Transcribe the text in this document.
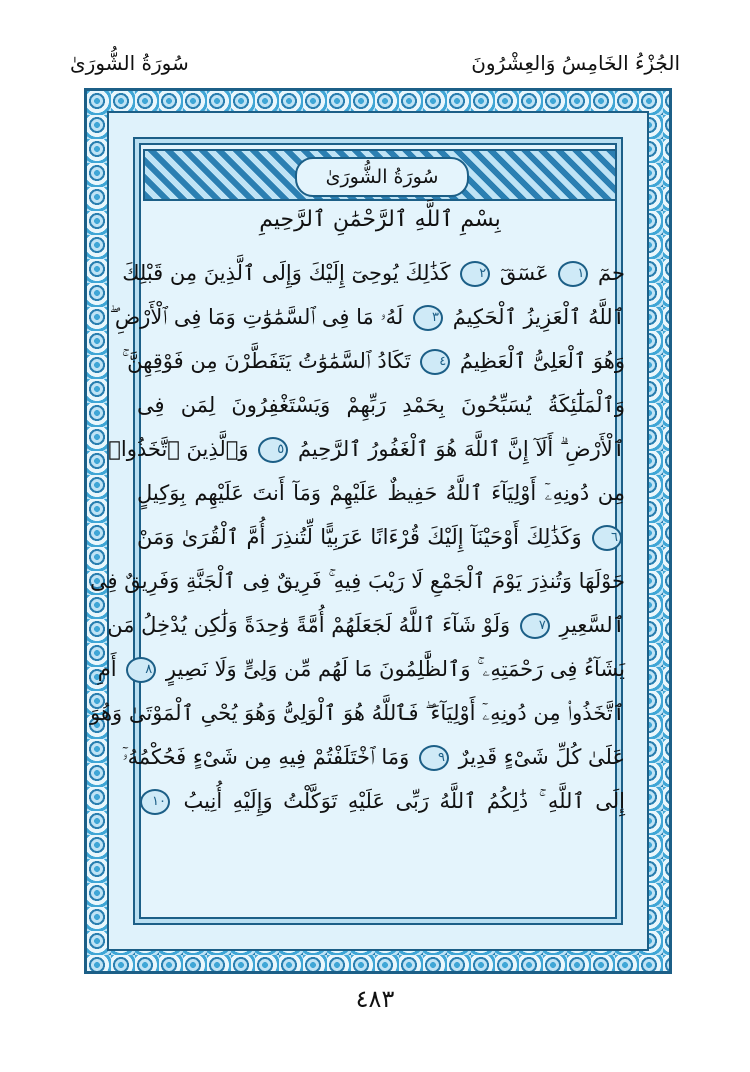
سُورَةُ الشُّورَىٰ	الجُزْءُ الخَامِسُ وَالعِشْرُونَ
سُورَةُ الشُّورَىٰ
بِسْمِ ٱللَّهِ ٱلرَّحْمَٰنِ ٱلرَّحِيمِ
حمٓ ١ عٓسٓقٓ ٢ كَذَٰلِكَ يُوحِىٓ إِلَيْكَ وَإِلَى ٱلَّذِينَ مِن قَبْلِكَ
ٱللَّهُ ٱلْعَزِيزُ ٱلْحَكِيمُ ٣ لَهُۥ مَا فِى ٱلسَّمَٰوَٰتِ وَمَا فِى ٱلْأَرْضِ ۖ
وَهُوَ ٱلْعَلِىُّ ٱلْعَظِيمُ ٤ تَكَادُ ٱلسَّمَٰوَٰتُ يَتَفَطَّرْنَ مِن فَوْقِهِنَّ ۚ
وَٱلْمَلَٰٓئِكَةُ يُسَبِّحُونَ بِحَمْدِ رَبِّهِمْ وَيَسْتَغْفِرُونَ لِمَن فِى
ٱلْأَرْضِ ۗ أَلَآ إِنَّ ٱللَّهَ هُوَ ٱلْغَفُورُ ٱلرَّحِيمُ ٥ وَٱلَّذِينَ ٱتَّخَذُوا۟
مِن دُونِهِۦٓ أَوْلِيَآءَ ٱللَّهُ حَفِيظٌ عَلَيْهِمْ وَمَآ أَنتَ عَلَيْهِم بِوَكِيلٍ
٦ وَكَذَٰلِكَ أَوْحَيْنَآ إِلَيْكَ قُرْءَانًا عَرَبِيًّا لِّتُنذِرَ أُمَّ ٱلْقُرَىٰ وَمَنْ
حَوْلَهَا وَتُنذِرَ يَوْمَ ٱلْجَمْعِ لَا رَيْبَ فِيهِ ۚ فَرِيقٌ فِى ٱلْجَنَّةِ وَفَرِيقٌ فِى
ٱلسَّعِيرِ ٧ وَلَوْ شَآءَ ٱللَّهُ لَجَعَلَهُمْ أُمَّةً وَٰحِدَةً وَلَٰكِن يُدْخِلُ مَن
يَشَآءُ فِى رَحْمَتِهِۦ ۚ وَٱلظَّٰلِمُونَ مَا لَهُم مِّن وَلِىٍّ وَلَا نَصِيرٍ ٨ أَمِ
ٱتَّخَذُوا۟ مِن دُونِهِۦٓ أَوْلِيَآءَ ۖ فَٱللَّهُ هُوَ ٱلْوَلِىُّ وَهُوَ يُحْىِ ٱلْمَوْتَىٰ وَهُوَ
عَلَىٰ كُلِّ شَىْءٍ قَدِيرٌ ٩ وَمَا ٱخْتَلَفْتُمْ فِيهِ مِن شَىْءٍ فَحُكْمُهُۥٓ
إِلَى ٱللَّهِ ۚ ذَٰلِكُمُ ٱللَّهُ رَبِّى عَلَيْهِ تَوَكَّلْتُ وَإِلَيْهِ أُنِيبُ ١٠
٤٨٣
